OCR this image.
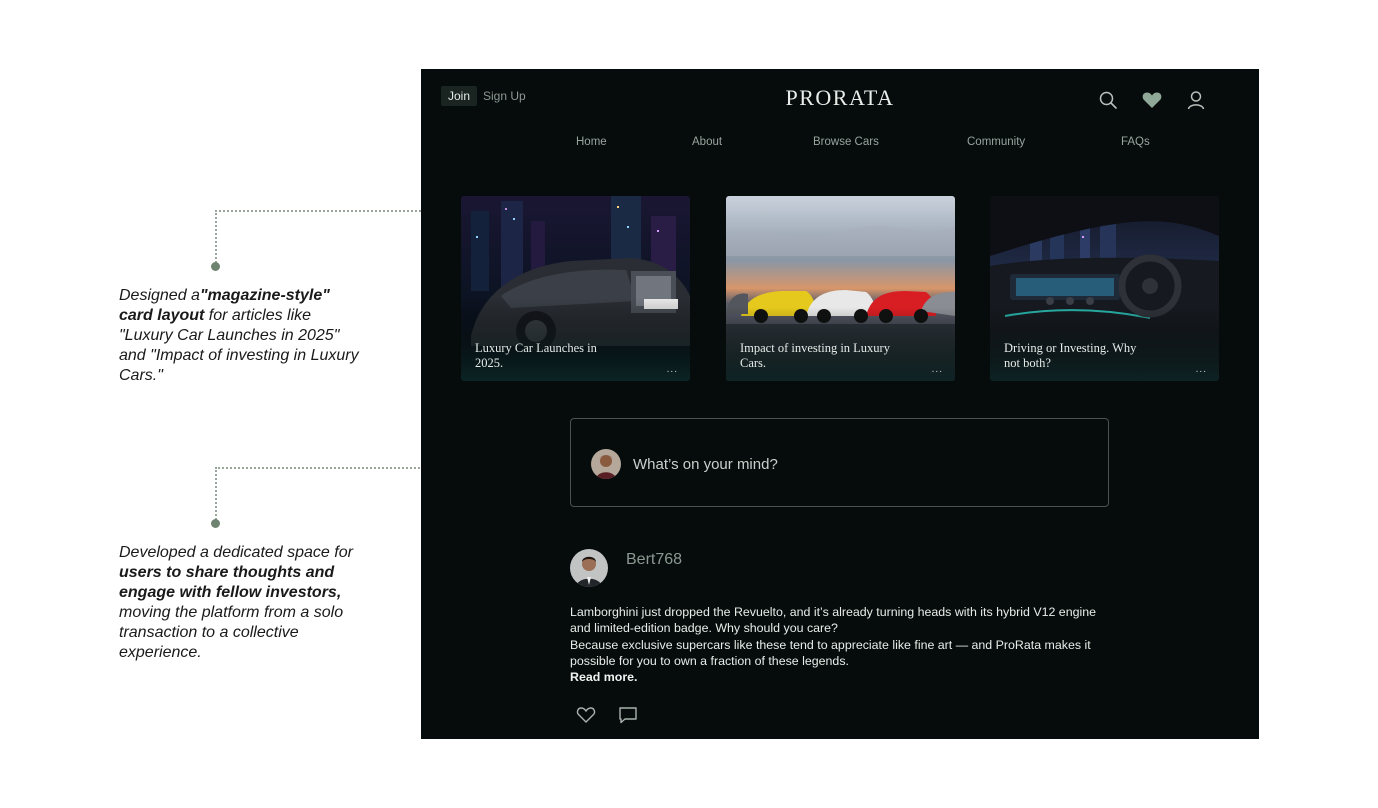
Designed a"magazine-style" card layout for articles like "Luxury Car Launches in 2025" and "Impact of investing in Luxury Cars."
Developed a dedicated space for users to share thoughts and engage with fellow investors, moving the platform from a solo transaction to a collective experience.
Join	Sign Up	PRORATA
Home	About	Browse Cars	Community	FAQs
Luxury Car Launches in 2025.	...
Impact of investing in Luxury Cars.	...
Driving or Investing. Why not both?	...
What’s on your mind?
Bert768

Lamborghini just dropped the Revuelto, and it’s already turning heads with its hybrid V12 engine and limited-edition badge. Why should you care?

Because exclusive supercars like these tend to appreciate like fine art — and ProRata makes it possible for you to own a fraction of these legends.

Read more.
